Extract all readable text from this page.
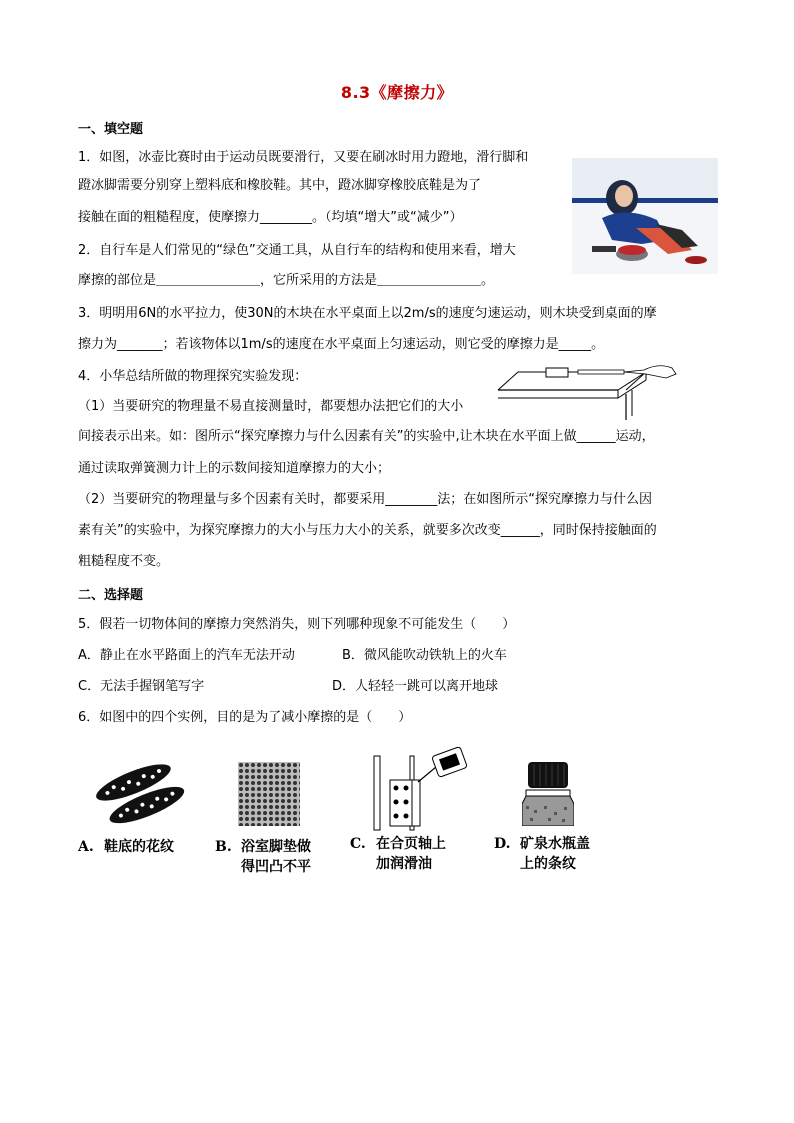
8.3《摩擦力》
一、填空题
1．如图，冰壶比赛时由于运动员既要滑行，又要在刷冰时用力蹬地，滑行脚和
蹬冰脚需要分别穿上塑料底和橡胶鞋。其中，蹬冰脚穿橡胶底鞋是为了
接触在面的粗糙程度，使摩擦力________。（均填“增大”或“减少”）
2．自行车是人们常见的“绿色”交通工具，从自行车的结构和使用来看，增大
摩擦的部位是＿＿＿＿＿＿＿＿，它所采用的方法是＿＿＿＿＿＿＿＿。
3．明明用6N的水平拉力，使30N的木块在水平桌面上以2m/s的速度匀速运动，则木块受到桌面的摩
擦力为_______；若该物体以1m/s的速度在水平桌面上匀速运动，则它受的摩擦力是_____。
4．小华总结所做的物理探究实验发现：
（1）当要研究的物理量不易直接测量时，都要想办法把它们的大小
间接表示出来。如：图所示“探究摩擦力与什么因素有关”的实验中,让木块在水平面上做______运动，
通过读取弹簧测力计上的示数间接知道摩擦力的大小；
（2）当要研究的物理量与多个因素有关时，都要采用________法；在如图所示“探究摩擦力与什么因
素有关”的实验中，为探究摩擦力的大小与压力大小的关系，就要多次改变______，同时保持接触面的
粗糙程度不变。
二、选择题
5．假若一切物体间的摩擦力突然消失，则下列哪种现象不可能发生（　　）
A．静止在水平路面上的汽车无法开动	B．微风能吹动铁轨上的火车
C．无法手握钢笔写字	D．人轻轻一跳可以离开地球
6．如图中的四个实例，目的是为了减小摩擦的是（　　）
A. 鞋底的花纹	B. 浴室脚垫做
得凹凸不平
C. 在合页轴上
加润滑油
D. 矿泉水瓶盖
上的条纹
